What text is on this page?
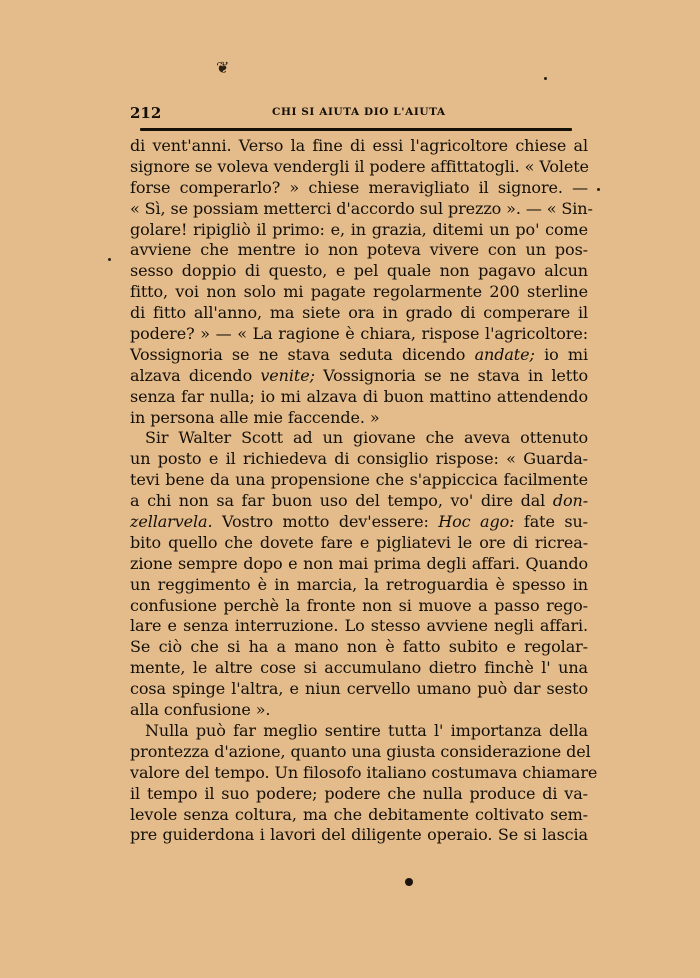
❦
212	CHI SI AIUTA DIO L'AIUTA
di vent'anni. Verso la fine di essi l'agricoltore chiese al
signore se voleva vendergli il podere affittatogli. « Volete
forse comperarlo? » chiese meravigliato il signore. —
« Sì, se possiam metterci d'accordo sul prezzo ». — « Sin-
golare! ripigliò il primo: e, in grazia, ditemi un po' come
avviene che mentre io non poteva vivere con un pos-
sesso doppio di questo, e pel quale non pagavo alcun
fitto, voi non solo mi pagate regolarmente 200 sterline
di fitto all'anno, ma siete ora in grado di comperare il
podere? » — « La ragione è chiara, rispose l'agricoltore:
Vossignoria se ne stava seduta dicendo andate; io mi
alzava dicendo venite; Vossignoria se ne stava in letto
senza far nulla; io mi alzava di buon mattino attendendo
in persona alle mie faccende. »
Sir Walter Scott ad un giovane che aveva ottenuto
un posto e il richiedeva di consiglio rispose: « Guarda-
tevi bene da una propensione che s'appiccica facilmente
a chi non sa far buon uso del tempo, vo' dire dal don-
zellarvela. Vostro motto dev'essere: Hoc ago: fate su-
bito quello che dovete fare e pigliatevi le ore di ricrea-
zione sempre dopo e non mai prima degli affari. Quando
un reggimento è in marcia, la retroguardia è spesso in
confusione perchè la fronte non si muove a passo rego-
lare e senza interruzione. Lo stesso avviene negli affari.
Se ciò che si ha a mano non è fatto subito e regolar-
mente, le altre cose si accumulano dietro finchè l' una
cosa spinge l'altra, e niun cervello umano può dar sesto
alla confusione ».
Nulla può far meglio sentire tutta l' importanza della
prontezza d'azione, quanto una giusta considerazione del
valore del tempo. Un filosofo italiano costumava chiamare
il tempo il suo podere; podere che nulla produce di va-
levole senza coltura, ma che debitamente coltivato sem-
pre guiderdona i lavori del diligente operaio. Se si lascia
